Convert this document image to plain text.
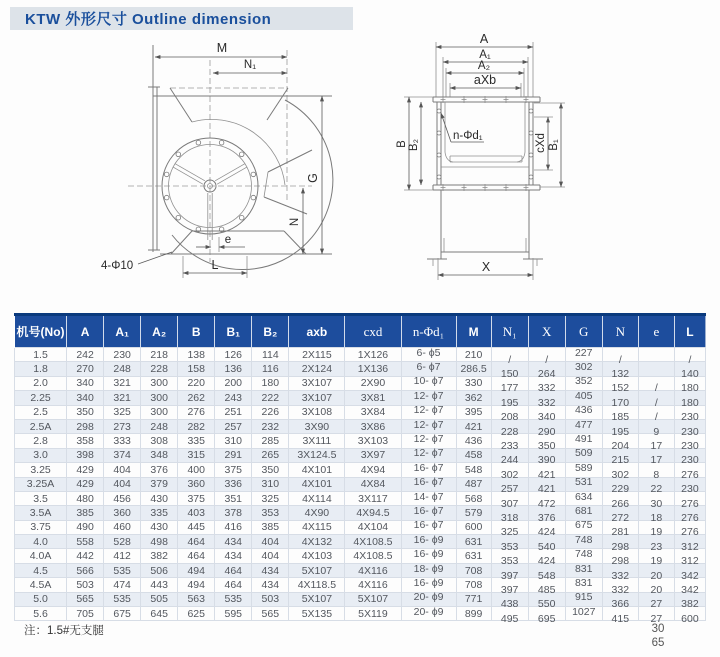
KTW 外形尺寸 Outline dimension
M
N₁
G
N
e
L
4-Φ10
A
A₁
A₂
aXb
B B₂	cXd B₁
n-Φd₁
X
机号(No)	A	A₁	A₂	B	B₁	B₂	axb	cxd	n-Φd₁	M	N₁	X	G	N	e	L
1.5	242	230	218	138	126	114	2X115	1X126	6- ϕ5	210	/	/	227	/		/
1.8	270	248	228	158	136	116	2X124	1X136	6- ϕ7	286.5	150	264	302	132		140
2.0	340	321	300	220	200	180	3X107	2X90	10- ϕ7	330	177	332	352	152	/	180
2.25	340	321	300	262	243	222	3X107	3X81	12- ϕ7	362	195	332	405	170	/	180
2.5	350	325	300	276	251	226	3X108	3X84	12- ϕ7	395	208	340	436	185	/	230
2.5A	298	273	248	282	257	232	3X90	3X86	12- ϕ7	421	228	290	477	195	9	230
2.8	358	333	308	335	310	285	3X111	3X103	12- ϕ7	436	233	350	491	204	17	230
3.0	398	374	348	315	291	265	3X124.5	3X97	12- ϕ7	458	244	390	509	215	17	230
3.25	429	404	376	400	375	350	4X101	4X94	16- ϕ7	548	302	421	589	302	8	276
3.25A	429	404	379	360	336	310	4X101	4X84	16- ϕ7	487	257	421	531	229	22	230
3.5	480	456	430	375	351	325	4X114	3X117	14- ϕ7	568	307	472	634	266	30	276
3.5A	385	360	335	403	378	353	4X90	4X94.5	16- ϕ7	579	318	376	681	272	18	276
3.75	490	460	430	445	416	385	4X115	4X104	16- ϕ7	600	325	424	675	281	19	276
4.0	558	528	498	464	434	404	4X132	4X108.5	16- ϕ9	631	353	540	748	298	23	312
4.0A	442	412	382	464	434	404	4X103	4X108.5	16- ϕ9	631	353	424	748	298	19	312
4.5	566	535	506	494	464	434	5X107	4X116	18- ϕ9	708	397	548	831	332	20	342
4.5A	503	474	443	494	464	434	4X118.5	4X116	16- ϕ9	708	397	485	831	332	20	342
5.0	565	535	505	563	535	503	5X107	5X107	20- ϕ9	771	438	550	915	366	27	382
5.6	705	675	645	625	595	565	5X135	5X119	20- ϕ9	899	495	695	1027	415	27	600
注：1.5#无支腿	30
65
